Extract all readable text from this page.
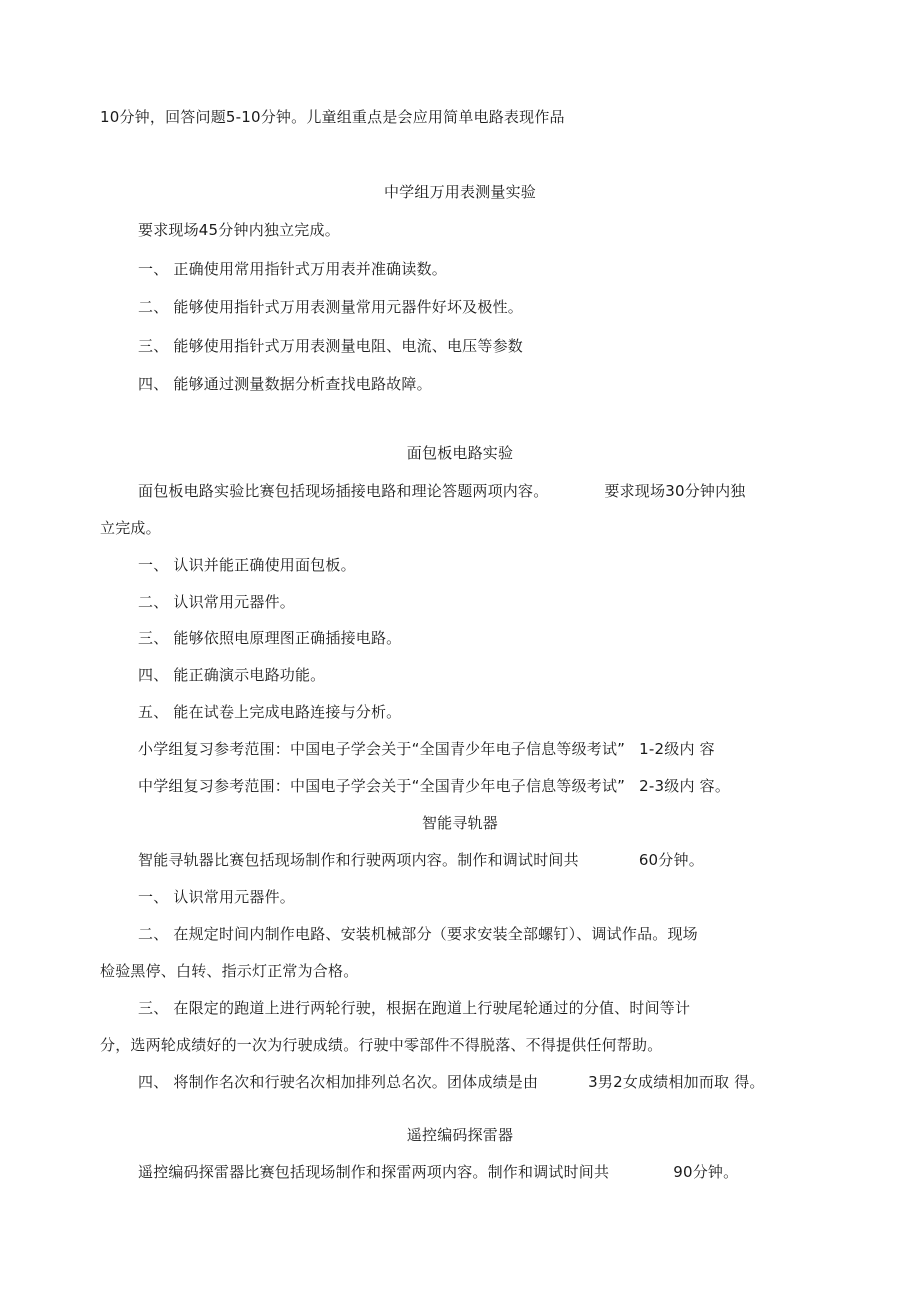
10分钟，回答问题5-10分钟。儿童组重点是会应用简单电路表现作品
中学组万用表测量实验
要求现场45分钟内独立完成。
一、 正确使用常用指针式万用表并准确读数。
二、 能够使用指针式万用表测量常用元器件好坏及极性。
三、 能够使用指针式万用表测量电阻、电流、电压等参数
四、 能够通过测量数据分析查找电路故障。
面包板电路实验
面包板电路实验比赛包括现场插接电路和理论答题两项内容。	要求现场30分钟内独
立完成。
一、 认识并能正确使用面包板。
二、 认识常用元器件。
三、 能够依照电原理图正确插接电路。
四、 能正确演示电路功能。
五、 能在试卷上完成电路连接与分析。
小学组复习参考范围：中国电子学会关于“全国青少年电子信息等级考试” 1-2级内 容
中学组复习参考范围：中国电子学会关于“全国青少年电子信息等级考试” 2-3级内 容。
智能寻轨器
智能寻轨器比赛包括现场制作和行驶两项内容。制作和调试时间共	60分钟。
一、 认识常用元器件。
二、 在规定时间内制作电路、安装机械部分（要求安装全部螺钉）、调试作品。现场
检验黑停、白转、指示灯正常为合格。
三、 在限定的跑道上进行两轮行驶，根据在跑道上行驶尾轮通过的分值、时间等计
分，选两轮成绩好的一次为行驶成绩。行驶中零部件不得脱落、不得提供任何帮助。
四、 将制作名次和行驶名次相加排列总名次。团体成绩是由	3男2女成绩相加而取 得。
遥控编码探雷器
遥控编码探雷器比赛包括现场制作和探雷两项内容。制作和调试时间共	90分钟。
